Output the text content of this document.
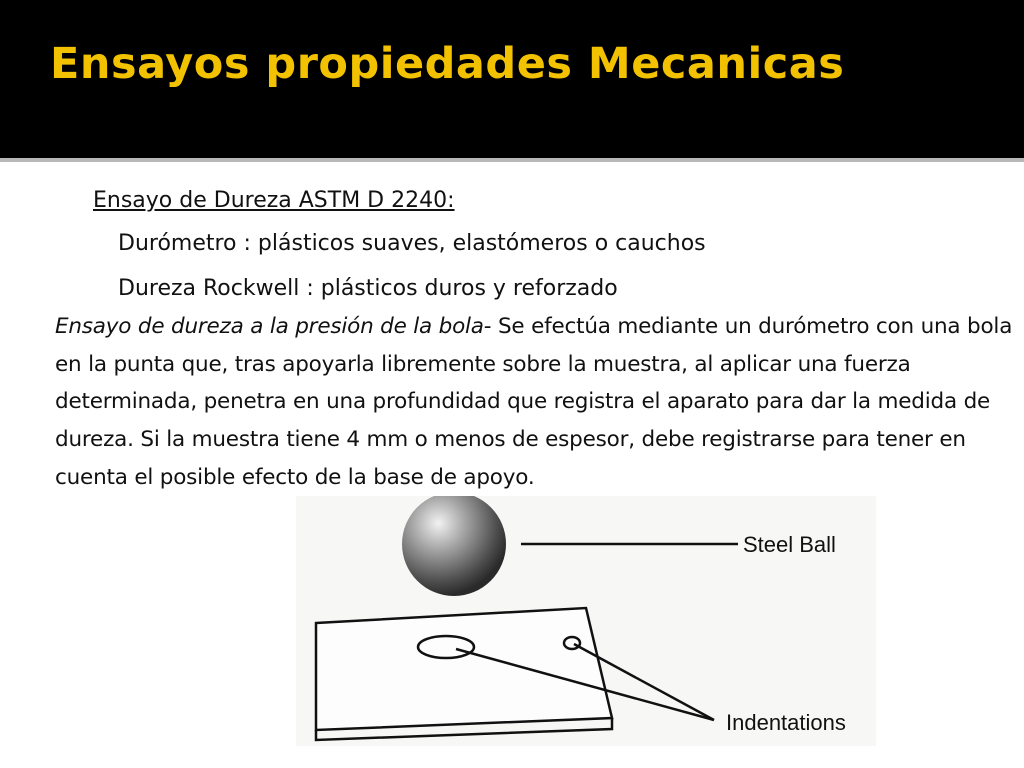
Ensayos propiedades Mecanicas
Ensayo de Dureza ASTM D 2240:
Durómetro : plásticos suaves, elastómeros o cauchos
Dureza Rockwell : plásticos duros y reforzado

Ensayo de dureza a la presión de la bola- Se efectúa mediante un durómetro con una bola en la punta que, tras apoyarla libremente sobre la muestra, al aplicar una fuerza determinada, penetra en una profundidad que registra el aparato para dar la medida de dureza. Si la muestra tiene 4 mm o menos de espesor, debe registrarse para tener en cuenta el posible efecto de la base de apoyo.

Steel Ball
Indentations
